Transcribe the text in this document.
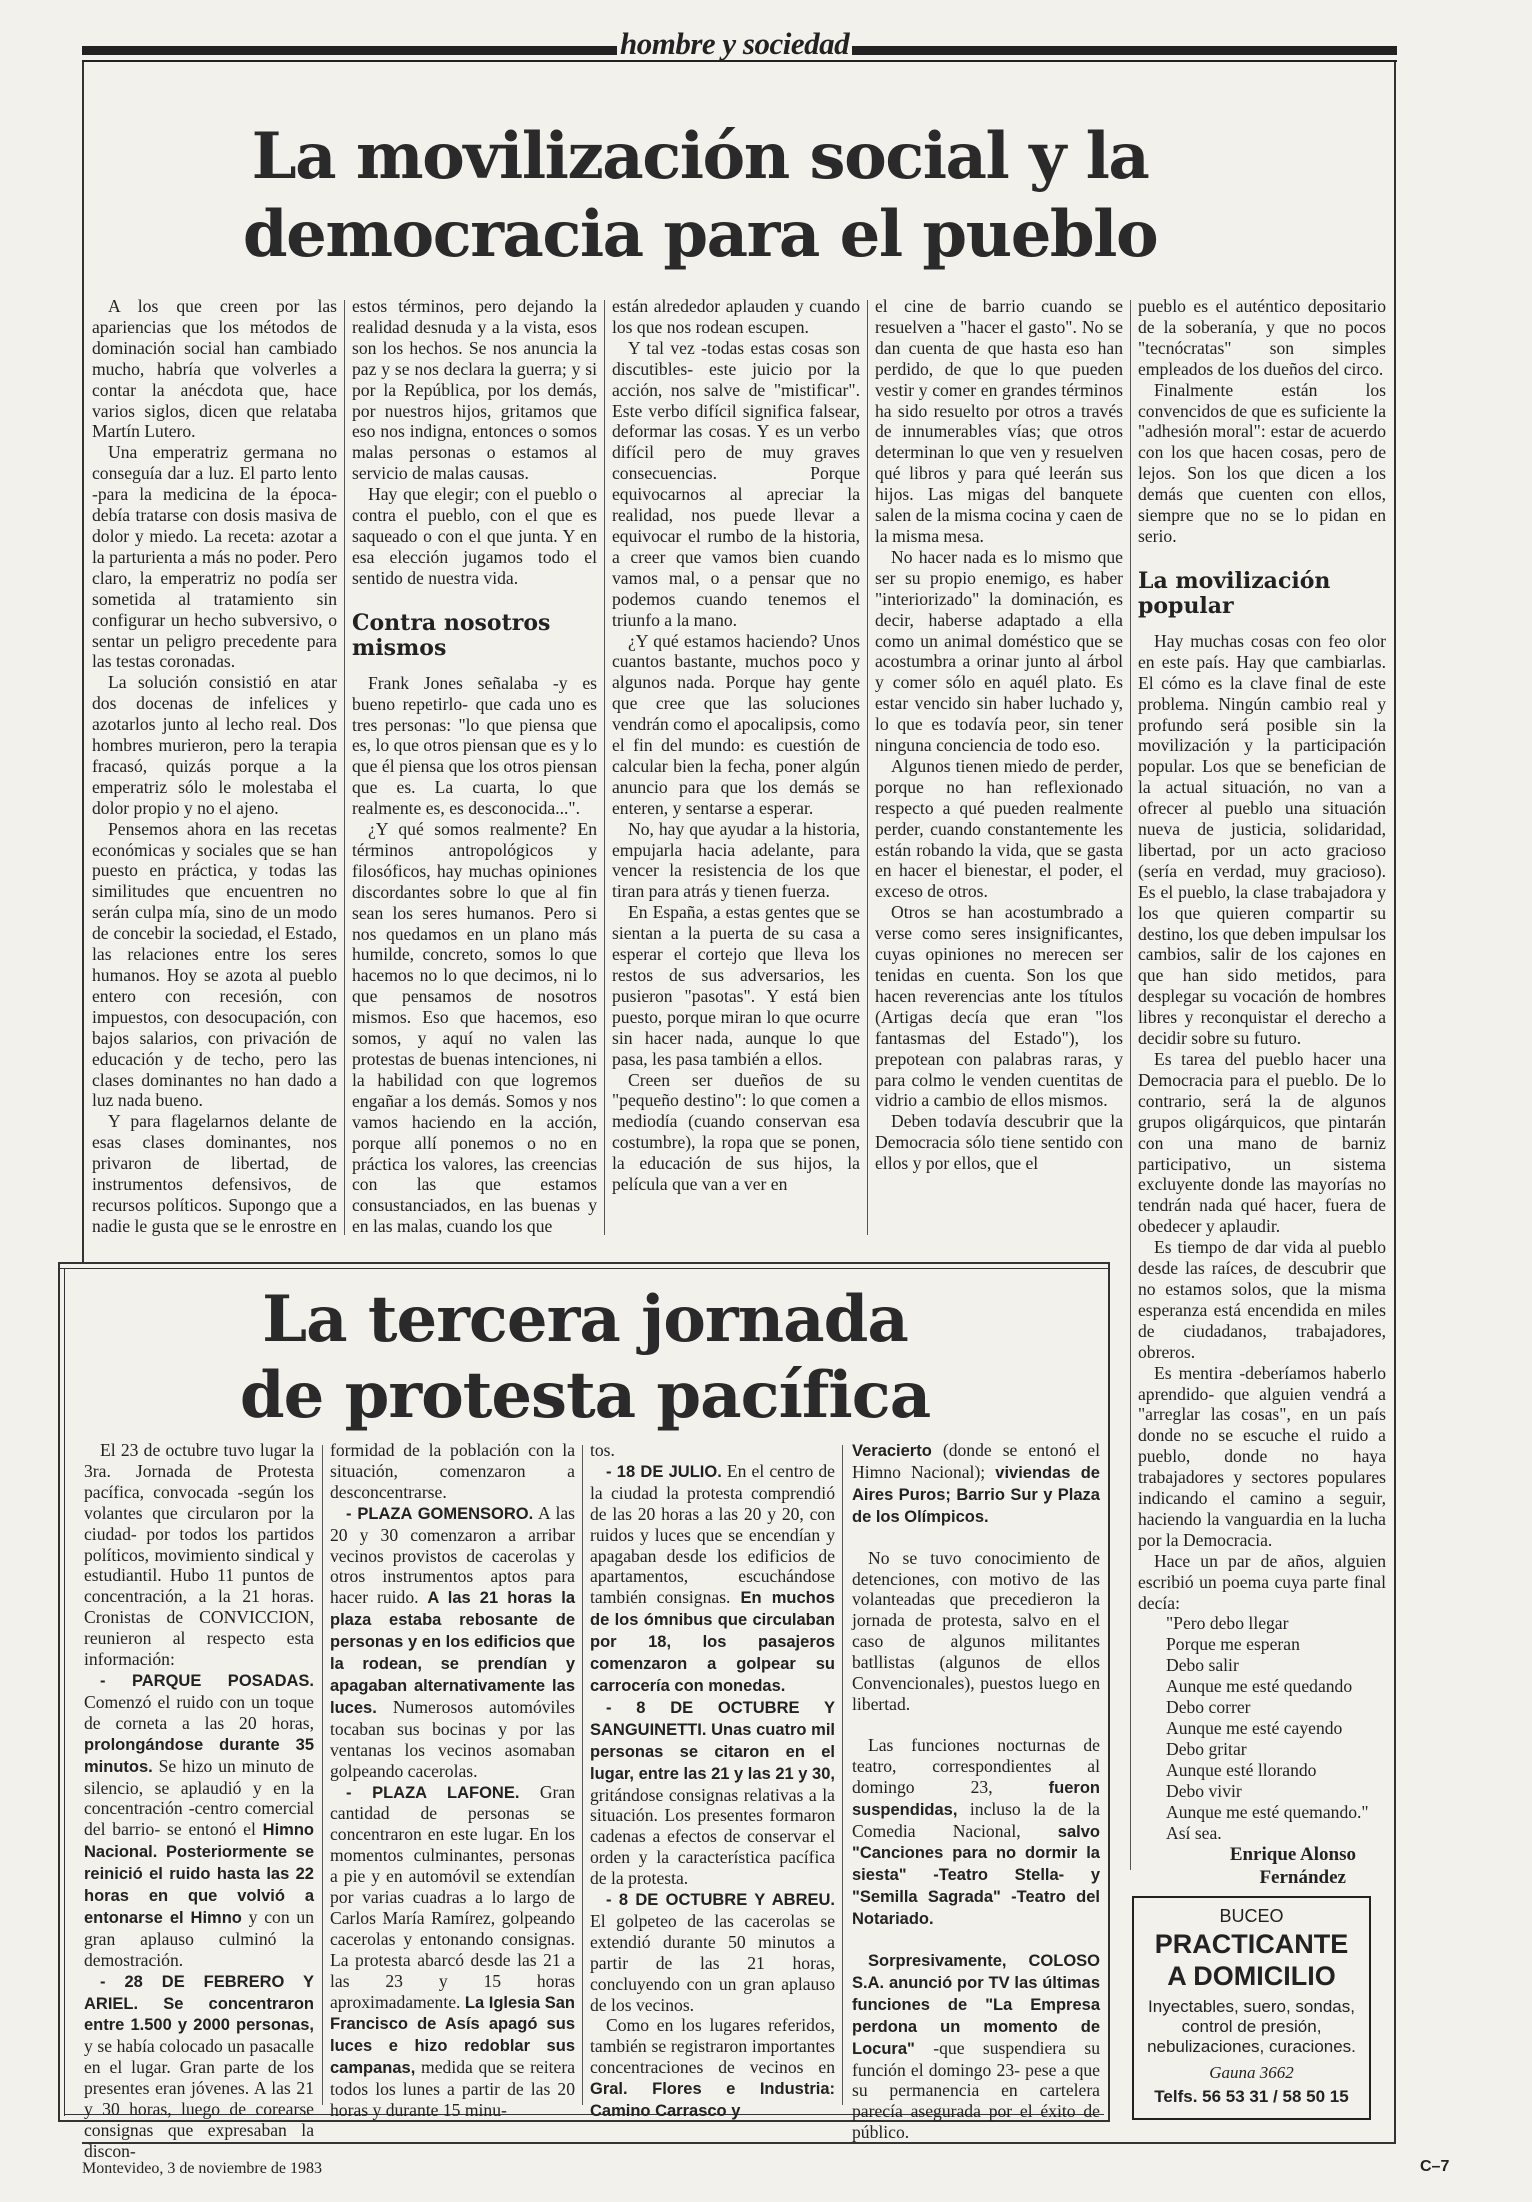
hombre y sociedad
La movilización social y la
democracia para el pueblo

A los que creen por las apariencias que los métodos de dominación social han cambiado mucho, habría que volverles a contar la anécdota que, hace varios siglos, dicen que relataba Martín Lutero.

Una emperatriz germana no conseguía dar a luz. El parto lento -para la medicina de la época- debía tratarse con dosis masiva de dolor y miedo. La receta: azotar a la parturienta a más no poder. Pero claro, la emperatriz no podía ser sometida al tratamiento sin configurar un hecho subversivo, o sentar un peligro precedente para las testas coronadas.

La solución consistió en atar dos docenas de infelices y azotarlos junto al lecho real. Dos hombres murieron, pero la terapia fracasó, quizás porque a la emperatriz sólo le molestaba el dolor propio y no el ajeno.

Pensemos ahora en las recetas económicas y sociales que se han puesto en práctica, y todas las similitudes que encuentren no serán culpa mía, sino de un modo de concebir la sociedad, el Estado, las relaciones entre los seres humanos. Hoy se azota al pueblo entero con recesión, con impuestos, con desocupación, con bajos salarios, con privación de educación y de techo, pero las clases dominantes no han dado a luz nada bueno.

Y para flagelarnos delante de esas clases dominantes, nos privaron de libertad, de instrumentos defensivos, de recursos políticos. Supongo que a nadie le gusta que se le enrostre en

estos términos, pero dejando la realidad desnuda y a la vista, esos son los hechos. Se nos anuncia la paz y se nos declara la guerra; y si por la República, por los demás, por nuestros hijos, gritamos que eso nos indigna, entonces o somos malas personas o estamos al servicio de malas causas.

Hay que elegir; con el pueblo o contra el pueblo, con el que es saqueado o con el que junta. Y en esa elección jugamos todo el sentido de nuestra vida.

Contra nosotros mismos

Frank Jones señalaba -y es bueno repetirlo- que cada uno es tres personas: "lo que piensa que es, lo que otros piensan que es y lo que él piensa que los otros piensan que es. La cuarta, lo que realmente es, es desconocida...".

¿Y qué somos realmente? En términos antropológicos y filosóficos, hay muchas opiniones discordantes sobre lo que al fin sean los seres humanos. Pero si nos quedamos en un plano más humilde, concreto, somos lo que hacemos no lo que decimos, ni lo que pensamos de nosotros mismos. Eso que hacemos, eso somos, y aquí no valen las protestas de buenas intenciones, ni la habilidad con que logremos engañar a los demás. Somos y nos vamos haciendo en la acción, porque allí ponemos o no en práctica los valores, las creencias con las que estamos consustanciados, en las buenas y en las malas, cuando los que

están alrededor aplauden y cuando los que nos rodean escupen.

Y tal vez -todas estas cosas son discutibles- este juicio por la acción, nos salve de "mistificar". Este verbo difícil significa falsear, deformar las cosas. Y es un verbo difícil pero de muy graves consecuencias. Porque equivocarnos al apreciar la realidad, nos puede llevar a equivocar el rumbo de la historia, a creer que vamos bien cuando vamos mal, o a pensar que no podemos cuando tenemos el triunfo a la mano.

¿Y qué estamos haciendo? Unos cuantos bastante, muchos poco y algunos nada. Porque hay gente que cree que las soluciones vendrán como el apocalipsis, como el fin del mundo: es cuestión de calcular bien la fecha, poner algún anuncio para que los demás se enteren, y sentarse a esperar.

No, hay que ayudar a la historia, empujarla hacia adelante, para vencer la resistencia de los que tiran para atrás y tienen fuerza.

En España, a estas gentes que se sientan a la puerta de su casa a esperar el cortejo que lleva los restos de sus adversarios, les pusieron "pasotas". Y está bien puesto, porque miran lo que ocurre sin hacer nada, aunque lo que pasa, les pasa también a ellos.

Creen ser dueños de su "pequeño destino": lo que comen a mediodía (cuando conservan esa costumbre), la ropa que se ponen, la educación de sus hijos, la película que van a ver en

el cine de barrio cuando se resuelven a "hacer el gasto". No se dan cuenta de que hasta eso han perdido, de que lo que pueden vestir y comer en grandes términos ha sido resuelto por otros a través de innumerables vías; que otros determinan lo que ven y resuelven qué libros y para qué leerán sus hijos. Las migas del banquete salen de la misma cocina y caen de la misma mesa.

No hacer nada es lo mismo que ser su propio enemigo, es haber "interiorizado" la dominación, es decir, haberse adaptado a ella como un animal doméstico que se acostumbra a orinar junto al árbol y comer sólo en aquél plato. Es estar vencido sin haber luchado y, lo que es todavía peor, sin tener ninguna conciencia de todo eso.

Algunos tienen miedo de perder, porque no han reflexionado respecto a qué pueden realmente perder, cuando constantemente les están robando la vida, que se gasta en hacer el bienestar, el poder, el exceso de otros.

Otros se han acostumbrado a verse como seres insignificantes, cuyas opiniones no merecen ser tenidas en cuenta. Son los que hacen reverencias ante los títulos (Artigas decía que eran "los fantasmas del Estado"), los prepotean con palabras raras, y para colmo le venden cuentitas de vidrio a cambio de ellos mismos.

Deben todavía descubrir que la Democracia sólo tiene sentido con ellos y por ellos, que el

pueblo es el auténtico depositario de la soberanía, y que no pocos "tecnócratas" son simples empleados de los dueños del circo.

Finalmente están los convencidos de que es suficiente la "adhesión moral": estar de acuerdo con los que hacen cosas, pero de lejos. Son los que dicen a los demás que cuenten con ellos, siempre que no se lo pidan en serio.

La movilización popular

Hay muchas cosas con feo olor en este país. Hay que cambiarlas. El cómo es la clave final de este problema. Ningún cambio real y profundo será posible sin la movilización y la participación popular. Los que se benefician de la actual situación, no van a ofrecer al pueblo una situación nueva de justicia, solidaridad, libertad, por un acto gracioso (sería en verdad, muy gracioso). Es el pueblo, la clase trabajadora y los que quieren compartir su destino, los que deben impulsar los cambios, salir de los cajones en que han sido metidos, para desplegar su vocación de hombres libres y reconquistar el derecho a decidir sobre su futuro.

Es tarea del pueblo hacer una Democracia para el pueblo. De lo contrario, será la de algunos grupos oligárquicos, que pintarán con una mano de barniz participativo, un sistema excluyente donde las mayorías no tendrán nada qué hacer, fuera de obedecer y aplaudir.

Es tiempo de dar vida al pueblo desde las raíces, de descubrir que no estamos solos, que la misma esperanza está encendida en miles de ciudadanos, trabajadores, obreros.

Es mentira -deberíamos haberlo aprendido- que alguien vendrá a "arreglar las cosas", en un país donde no se escuche el ruido a pueblo, donde no haya trabajadores y sectores populares indicando el camino a seguir, haciendo la vanguardia en la lucha por la Democracia.

Hace un par de años, alguien escribió un poema cuya parte final decía:

"Pero debo llegar

Porque me esperan

Debo salir

Aunque me esté quedando

Debo correr

Aunque me esté cayendo

Debo gritar

Aunque esté llorando

Debo vivir

Aunque me esté quemando."

Así sea.

Enrique Alonso

Fernández

La tercera jornada
de protesta pacífica

El 23 de octubre tuvo lugar la 3ra. Jornada de Protesta pacífica, convocada -según los volantes que circularon por la ciudad- por todos los partidos políticos, movimiento sindical y estudiantil. Hubo 11 puntos de concentración, a la 21 horas. Cronistas de CONVICCION, reunieron al respecto esta información:

- PARQUE POSADAS. Comenzó el ruido con un toque de corneta a las 20 horas, prolongándose durante 35 minutos. Se hizo un minuto de silencio, se aplaudió y en la concentración -centro comercial del barrio- se entonó el Himno Nacional. Posteriormente se reinició el ruido hasta las 22 horas en que volvió a entonarse el Himno y con un gran aplauso culminó la demostración.

- 28 DE FEBRERO Y ARIEL. Se concentraron entre 1.500 y 2000 personas, y se había colocado un pasacalle en el lugar. Gran parte de los presentes eran jóvenes. A las 21 y 30 horas, luego de corearse consignas que expresaban la discon-

formidad de la población con la situación, comenzaron a desconcentrarse.

- PLAZA GOMENSORO. A las 20 y 30 comenzaron a arribar vecinos provistos de cacerolas y otros instrumentos aptos para hacer ruido. A las 21 horas la plaza estaba rebosante de personas y en los edificios que la rodean, se prendían y apagaban alternativamente las luces. Numerosos automóviles tocaban sus bocinas y por las ventanas los vecinos asomaban golpeando cacerolas.

- PLAZA LAFONE. Gran cantidad de personas se concentraron en este lugar. En los momentos culminantes, personas a pie y en automóvil se extendían por varias cuadras a lo largo de Carlos María Ramírez, golpeando cacerolas y entonando consignas. La protesta abarcó desde las 21 a las 23 y 15 horas aproximadamente. La Iglesia San Francisco de Asís apagó sus luces e hizo redoblar sus campanas, medida que se reitera todos los lunes a partir de las 20 horas y durante 15 minu-

tos.

- 18 DE JULIO. En el centro de la ciudad la protesta comprendió de las 20 horas a las 20 y 20, con ruidos y luces que se encendían y apagaban desde los edificios de apartamentos, escuchándose también consignas. En muchos de los ómnibus que circulaban por 18, los pasajeros comenzaron a golpear su carrocería con monedas.

- 8 DE OCTUBRE Y SANGUINETTI. Unas cuatro mil personas se citaron en el lugar, entre las 21 y las 21 y 30, gritándose consignas relativas a la situación. Los presentes formaron cadenas a efectos de conservar el orden y la característica pacífica de la protesta.

- 8 DE OCTUBRE Y ABREU. El golpeteo de las cacerolas se extendió durante 50 minutos a partir de las 21 horas, concluyendo con un gran aplauso de los vecinos.

Como en los lugares referidos, también se registraron importantes concentraciones de vecinos en Gral. Flores e Industria: Camino Carrasco y

Veracierto (donde se entonó el Himno Nacional); viviendas de Aires Puros; Barrio Sur y Plaza de los Olímpicos.

No se tuvo conocimiento de detenciones, con motivo de las volanteadas que precedieron la jornada de protesta, salvo en el caso de algunos militantes batllistas (algunos de ellos Convencionales), puestos luego en libertad.

Las funciones nocturnas de teatro, correspondientes al domingo 23, fueron suspendidas, incluso la de la Comedia Nacional, salvo "Canciones para no dormir la siesta" -Teatro Stella- y "Semilla Sagrada" -Teatro del Notariado.

Sorpresivamente, COLOSO S.A. anunció por TV las últimas funciones de "La Empresa perdona un momento de Locura" -que suspendiera su función el domingo 23- pese a que su permanencia en cartelera parecía asegurada por el éxito de público.

BUCEO
PRACTICANTE
A DOMICILIO
Inyectables, suero, sondas, control de presión, nebulizaciones, curaciones.
Gauna 3662
Telfs. 56 53 31 / 58 50 15
Montevideo, 3 de noviembre de 1983	C–7
